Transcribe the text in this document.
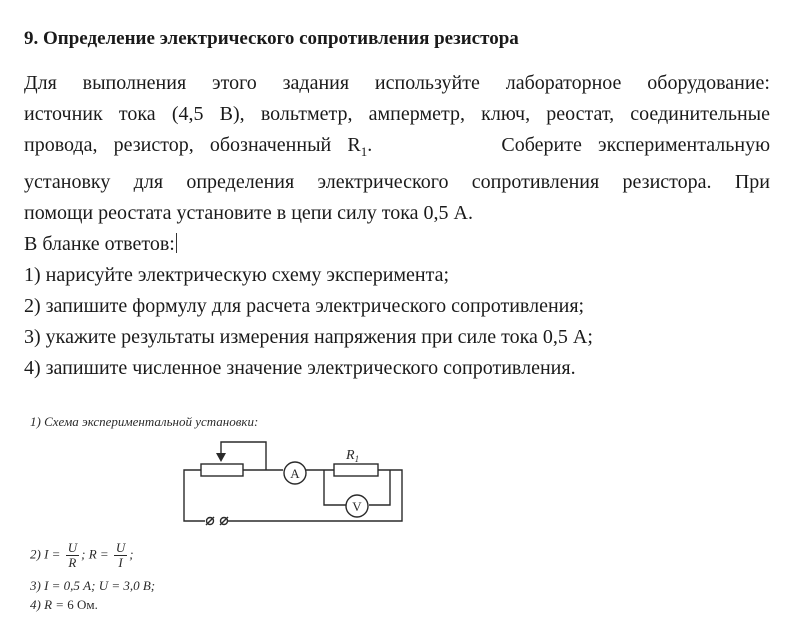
9. Определение электрического сопротивления резистора
Для выполнения этого задания используйте лабораторное оборудование:
источник тока (4,5 В), вольтметр, амперметр, ключ, реостат, соединительные
провода, резистор, обозначенный $R_1$.	Соберите экспериментальную
установку для определения электрического сопротивления резистора. При
помощи реостата установите в цепи силу тока 0,5 А.
В бланке ответов:
1) нарисуйте электрическую схему эксперимента;
2) запишите формулу для расчета электрического сопротивления;
3) укажите результаты измерения напряжения при силе тока 0,5 А;
4) запишите численное значение электрического сопротивления.
1) Схема экспериментальной установки:
A
V
$R_1$
2) $I = \frac{U}{R}$ ; $R = \frac{U}{I}$ ;
3) I = 0,5 А; U = 3,0 В;
4) R = 6 Ом.
